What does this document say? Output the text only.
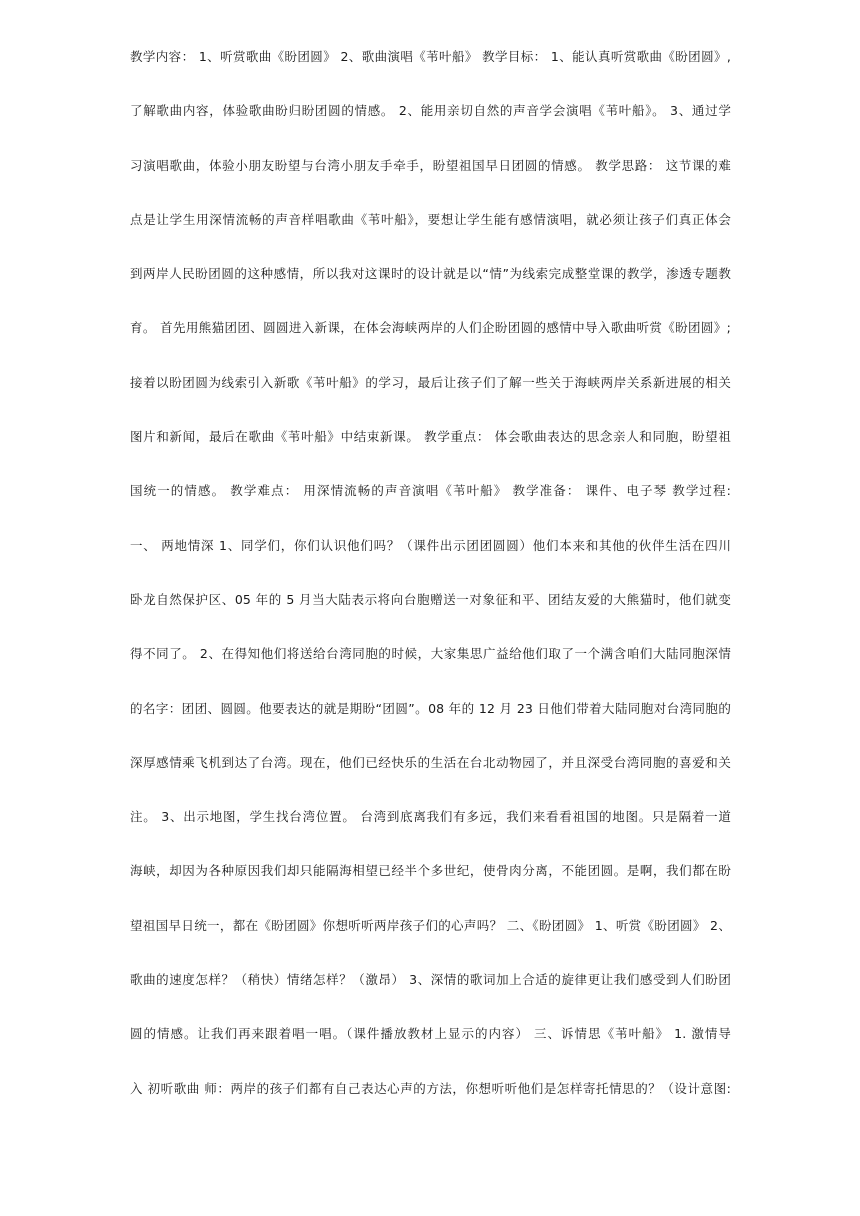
教学内容： 1、听赏歌曲《盼团圆》 2、歌曲演唱《苇叶船》 教学目标： 1、能认真听赏歌曲《盼团圆》,
了解歌曲内容，体验歌曲盼归盼团圆的情感。 2、能用亲切自然的声音学会演唱《苇叶船》。 3、通过学
习演唱歌曲，体验小朋友盼望与台湾小朋友手牵手，盼望祖国早日团圆的情感。 教学思路： 这节课的难
点是让学生用深情流畅的声音样唱歌曲《苇叶船》，要想让学生能有感情演唱，就必须让孩子们真正体会
到两岸人民盼团圆的这种感情，所以我对这课时的设计就是以“情”为线索完成整堂课的教学，渗透专题教
育。 首先用熊猫团团、圆圆进入新课，在体会海峡两岸的人们企盼团圆的感情中导入歌曲听赏《盼团圆》;
接着以盼团圆为线索引入新歌《苇叶船》的学习，最后让孩子们了解一些关于海峡两岸关系新进展的相关
图片和新闻，最后在歌曲《苇叶船》中结束新课。 教学重点： 体会歌曲表达的思念亲人和同胞，盼望祖
国统一的情感。 教学难点： 用深情流畅的声音演唱《苇叶船》 教学准备： 课件、电子琴 教学过程:
一、 两地情深 1、同学们，你们认识他们吗？（课件出示团团圆圆）他们本来和其他的伙伴生活在四川
卧龙自然保护区、05 年的 5 月当大陆表示将向台胞赠送一对象征和平、团结友爱的大熊猫时，他们就变
得不同了。 2、在得知他们将送给台湾同胞的时候，大家集思广益给他们取了一个满含咱们大陆同胞深情
的名字：团团、圆圆。他要表达的就是期盼“团圆”。08 年的 12 月 23 日他们带着大陆同胞对台湾同胞的
深厚感情乘飞机到达了台湾。现在，他们已经快乐的生活在台北动物园了，并且深受台湾同胞的喜爱和关
注。 3、出示地图，学生找台湾位置。 台湾到底离我们有多远，我们来看看祖国的地图。只是隔着一道
海峡，却因为各种原因我们却只能隔海相望已经半个多世纪，使骨肉分离，不能团圆。是啊，我们都在盼
望祖国早日统一，都在《盼团圆》你想听听两岸孩子们的心声吗？ 二、《盼团圆》 1、听赏《盼团圆》 2、
歌曲的速度怎样？（稍快）情绪怎样？（激昂） 3、深情的歌词加上合适的旋律更让我们感受到人们盼团
圆的情感。让我们再来跟着唱一唱。（课件播放教材上显示的内容） 三、诉情思《苇叶船》 1. 激情导
入 初听歌曲 师：两岸的孩子们都有自己表达心声的方法，你想听听他们是怎样寄托情思的？（设计意图:
